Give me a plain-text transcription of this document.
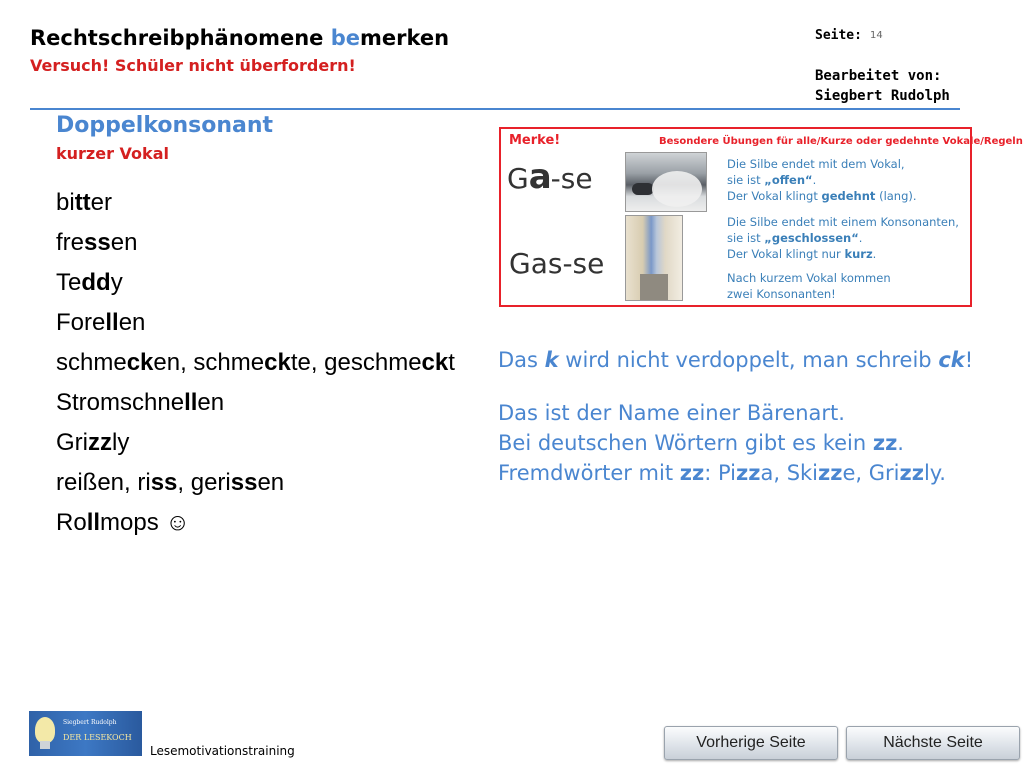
Rechtschreibphänomene bemerken
Versuch! Schüler nicht überfordern!
Seite: 14
Bearbeitet von:
Siegbert Rudolph
Doppelkonsonant
kurzer Vokal
bitter
fressen
Teddy
Forellen
schmecken, schmeckte, geschmeckt
Stromschnellen
Grizzly
reißen, riss, gerissen
Rollmops ☺
Merke!	Besondere Übungen für alle/Kurze oder gedehnte Vokale/Regeln
Ga-se
Gas-se
Die Silbe endet mit dem Vokal,
sie ist „offen“.
Der Vokal klingt gedehnt (lang).
Die Silbe endet mit einem Konsonanten,
sie ist „geschlossen“.
Der Vokal klingt nur kurz.
Nach kurzem Vokal kommen
zwei Konsonanten!
Das k wird nicht verdoppelt, man schreib ck!
Das ist der Name einer Bärenart.
Bei deutschen Wörtern gibt es kein zz.
Fremdwörter mit zz: Pizza, Skizze, Grizzly.
Siegbert Rudolph
DER LESEKOCH
Lesemotivationstraining	Vorherige Seite	Nächste Seite
